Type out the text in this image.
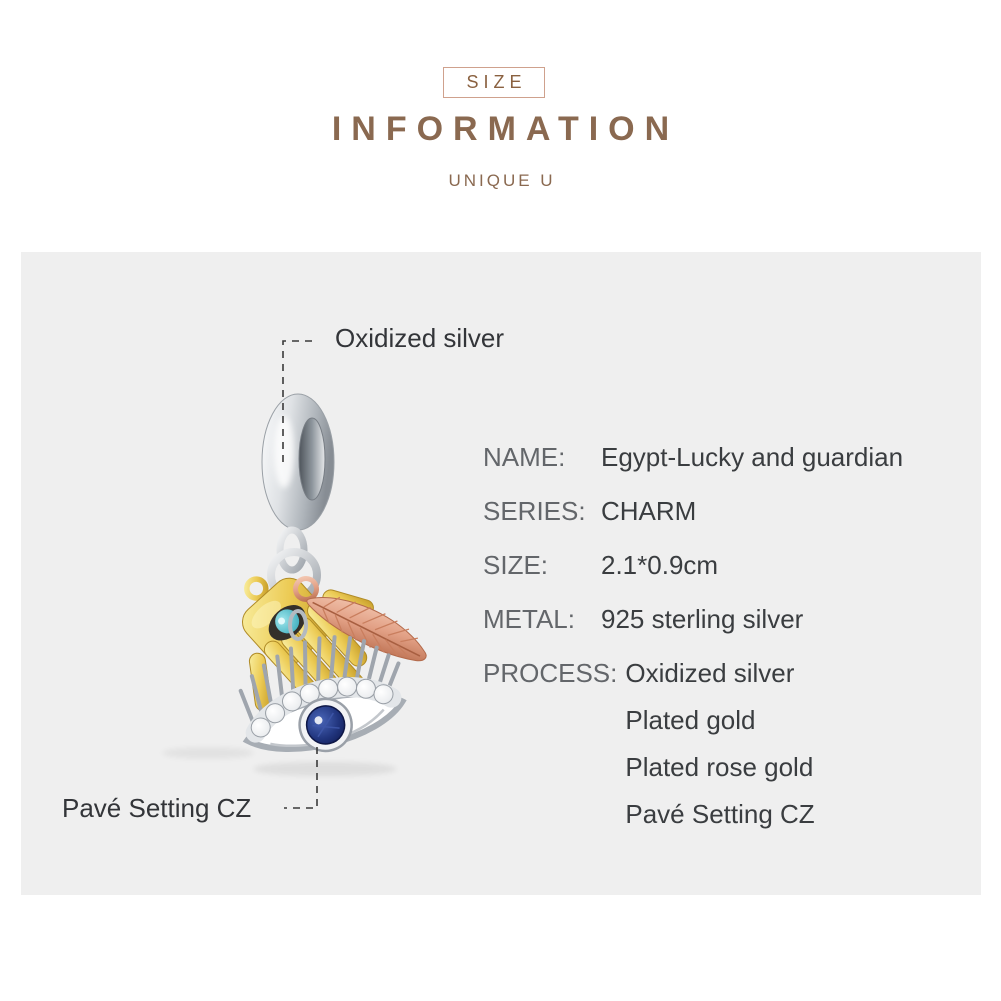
SIZE
INFORMATION
UNIQUE U
Oxidized silver
Pavé Setting CZ
NAME:	Egypt-Lucky and guardian
SERIES: CHARM
SIZE:	2.1*0.9cm
METAL:	925 sterling silver
PROCESS: Oxidized silver
Plated gold
Plated rose gold
Pavé Setting CZ
